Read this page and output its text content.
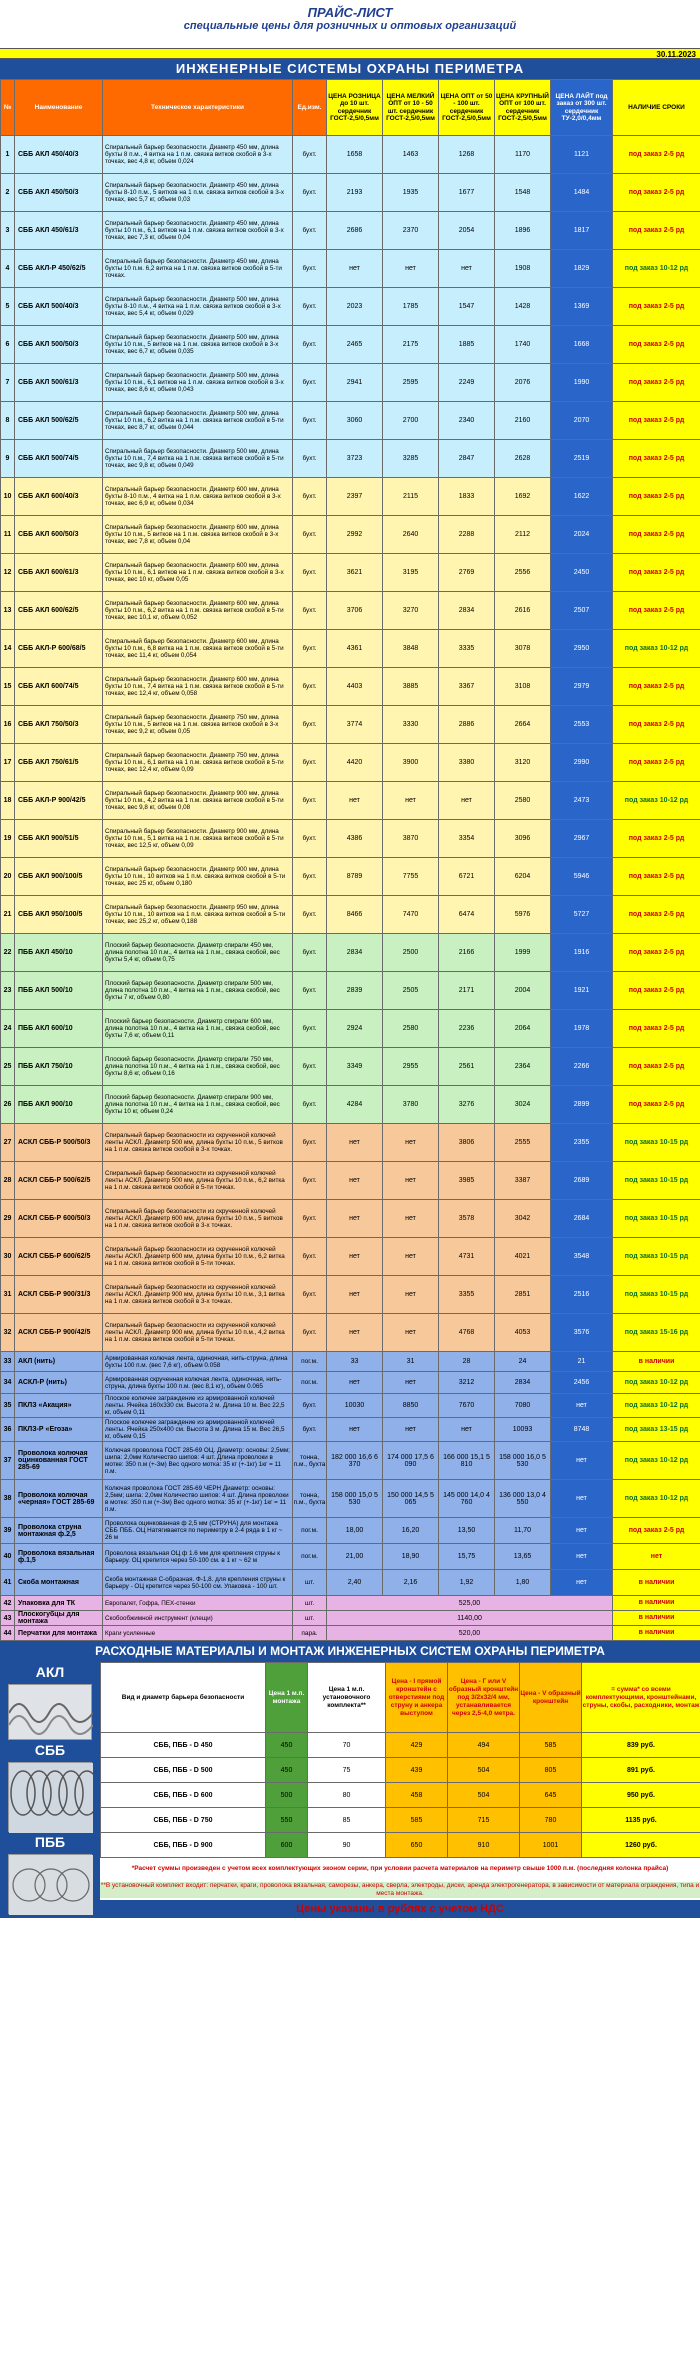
ПРАЙС-ЛИСТ
специальные цены для розничных и оптовых организаций
30.11.2023
ИНЖЕНЕРНЫЕ СИСТЕМЫ ОХРАНЫ ПЕРИМЕТРА
№	Наименование	Техническое характеристики	Ед.изм.	ЦЕНА РОЗНИЦА до 10 шт. сердечник ГОСТ-2,5/0,5мм	ЦЕНА МЕЛКИЙ ОПТ от 10 - 50 шт. сердечник ГОСТ-2,5/0,5мм	ЦЕНА ОПТ от 50 - 100 шт. сердечник ГОСТ-2,5/0,5мм	ЦЕНА КРУПНЫЙ ОПТ от 100 шт. сердечник ГОСТ-2,5/0,5мм	ЦЕНА ЛАЙТ под заказ от 300 шт. сердечник ТУ-2,0/0,4мм	НАЛИЧИЕ СРОКИ
1	СББ АКЛ 450/40/3	Спиральный барьер безопасности. Диаметр 450 мм, длина бухты 8 п.м., 4 витка на 1 п.м. связка витков скобой в 3-х точках, вес 4,8 кг, объем 0,024	бухт.	1658	1463	1268	1170	1121	под заказ 2-5 рд
2	СББ АКЛ 450/50/3	Спиральный барьер безопасности. Диаметр 450 мм, длина бухты 8-10 п.м., 5 витков на 1 п.м. связка витков скобой в 3-х точках, вес 5,7 кг, объем 0,03	бухт.	2193	1935	1677	1548	1484	под заказ 2-5 рд
3	СББ АКЛ 450/61/3	Спиральный барьер безопасности. Диаметр 450 мм, длина бухты 10 п.м., 6,1 витков на 1 п.м. связка витков скобой в 3-х точках, вес 7,3 кг, объем 0,04	бухт.	2686	2370	2054	1896	1817	под заказ 2-5 рд
4	СББ АКЛ-Р 450/62/5	Спиральный барьер безопасности. Диаметр 450 мм, длина бухты 10 п.м. 6,2 витка на 1 п.м. связка витков скобой в 5-ти точках.	бухт.	нет	нет	нет	1908	1829	под заказ 10-12 рд
5	СББ АКЛ 500/40/3	Спиральный барьер безопасности. Диаметр 500 мм, длина бухты 8-10 п.м., 4 витка на 1 п.м. связка витков скобой в 3-х точках, вес 5,4 кг, объем 0,029	бухт.	2023	1785	1547	1428	1369	под заказ 2-5 рд
6	СББ АКЛ 500/50/3	Спиральный барьер безопасности. Диаметр 500 мм, длина бухты 10 п.м., 5 витков на 1 п.м. связка витков скобой в 3-х точках, вес 6,7 кг, объем 0,035	бухт.	2465	2175	1885	1740	1668	под заказ 2-5 рд
7	СББ АКЛ 500/61/3	Спиральный барьер безопасности. Диаметр 500 мм, длина бухты 10 п.м., 6,1 витков на 1 п.м. связка витков скобой в 3-х точках, вес 8,6 кг, объем 0,043	бухт.	2941	2595	2249	2076	1990	под заказ 2-5 рд
8	СББ АКЛ 500/62/5	Спиральный барьер безопасности. Диаметр 500 мм, длина бухты 10 п.м., 6,2 витка на 1 п.м. связка витков скобой в 5-ти точках, вес 8,7 кг, объем 0,044	бухт.	3060	2700	2340	2160	2070	под заказ 2-5 рд
9	СББ АКЛ 500/74/5	Спиральный барьер безопасности. Диаметр 500 мм, длина бухты 10 п.м., 7,4 витка на 1 п.м. связка витков скобой в 5-ти точках, вес 9,8 кг, объем 0,049	бухт.	3723	3285	2847	2628	2519	под заказ 2-5 рд
10	СББ АКЛ 600/40/3	Спиральный барьер безопасности. Диаметр 600 мм, длина бухты 8-10 п.м., 4 витка на 1 п.м. связка витков скобой в 3-х точках, вес 6,9 кг, объем 0,034	бухт.	2397	2115	1833	1692	1622	под заказ 2-5 рд
11	СББ АКЛ 600/50/3	Спиральный барьер безопасности. Диаметр 600 мм, длина бухты 10 п.м., 5 витков на 1 п.м. связка витков скобой в 3-х точках, вес 7,8 кг, объем 0,04	бухт.	2992	2640	2288	2112	2024	под заказ 2-5 рд
12	СББ АКЛ 600/61/3	Спиральный барьер безопасности. Диаметр 600 мм, длина бухты 10 п.м., 6,1 витков на 1 п.м. связка витков скобой в 3-х точках, вес 10 кг, объем 0,05	бухт.	3621	3195	2769	2556	2450	под заказ 2-5 рд
13	СББ АКЛ 600/62/5	Спиральный барьер безопасности. Диаметр 600 мм, длина бухты 10 п.м., 6,2 витка на 1 п.м. связка витков скобой в 5-ти точках, вес 10,1 кг, объем 0,052	бухт.	3706	3270	2834	2616	2507	под заказ 2-5 рд
14	СББ АКЛ-Р 600/68/5	Спиральный барьер безопасности. Диаметр 600 мм, длина бухты 10 п.м., 6,8 витка на 1 п.м. связка витков скобой в 5-ти точках, вес 11,4 кг, объем 0,054	бухт.	4361	3848	3335	3078	2950	под заказ 10-12 рд
15	СББ АКЛ 600/74/5	Спиральный барьер безопасности. Диаметр 600 мм, длина бухты 10 п.м., 7,4 витка на 1 п.м. связка витков скобой в 5-ти точках, вес 12,4 кг, объем 0,058	бухт.	4403	3885	3367	3108	2979	под заказ 2-5 рд
16	СББ АКЛ 750/50/3	Спиральный барьер безопасности. Диаметр 750 мм, длина бухты 10 п.м., 5 витков на 1 п.м. связка витков скобой в 3-х точках, вес 9,2 кг, объем 0,05	бухт.	3774	3330	2886	2664	2553	под заказ 2-5 рд
17	СББ АКЛ 750/61/5	Спиральный барьер безопасности. Диаметр 750 мм, длина бухты 10 п.м., 6,1 витка на 1 п.м. связка витков скобой в 5-ти точках, вес 12,4 кг, объем 0,09	бухт.	4420	3900	3380	3120	2990	под заказ 2-5 рд
18	СББ АКЛ-Р 900/42/5	Спиральный барьер безопасности. Диаметр 900 мм, длина бухты 10 п.м., 4,2 витка на 1 п.м. связка витков скобой в 5-ти точках, вес 9,8 кг, объем 0,08	бухт.	нет	нет	нет	2580	2473	под заказ 10-12 рд
19	СББ АКЛ 900/51/5	Спиральный барьер безопасности. Диаметр 900 мм, длина бухты 10 п.м., 5,1 витка на 1 п.м. связка витков скобой в 5-ти точках, вес 12,5 кг, объем 0,09	бухт.	4386	3870	3354	3096	2967	под заказ 2-5 рд
20	СББ АКЛ 900/100/5	Спиральный барьер безопасности. Диаметр 900 мм, длина бухты 10 п.м., 10 витков на 1 п.м. связка витков скобой в 5-ти точках, вес 25 кг, объем 0,180	бухт.	8789	7755	6721	6204	5946	под заказ 2-5 рд
21	СББ АКЛ 950/100/5	Спиральный барьер безопасности. Диаметр 950 мм, длина бухты 10 п.м., 10 витков на 1 п.м. связка витков скобой в 5-ти точках, вес 25,2 кг, объем 0,188	бухт.	8466	7470	6474	5976	5727	под заказ 2-5 рд
22	ПББ АКЛ 450/10	Плоский барьер безопасности. Диаметр спирали 450 мм, длина полотна 10 п.м., 4 витка на 1 п.м., связка скобой, вес бухты 5,4 кг, объем 0,75	бухт.	2834	2500	2166	1999	1916	под заказ 2-5 рд
23	ПББ АКЛ 500/10	Плоский барьер безопасности. Диаметр спирали 500 мм, длина полотна 10 п.м., 4 витка на 1 п.м., связка скобой, вес бухты 7 кг, объем 0,80	бухт.	2839	2505	2171	2004	1921	под заказ 2-5 рд
24	ПББ АКЛ 600/10	Плоский барьер безопасности. Диаметр спирали 600 мм, длина полотна 10 п.м., 4 витка на 1 п.м., связка скобой, вес бухты 7,6 кг, объем 0,11	бухт.	2924	2580	2236	2064	1978	под заказ 2-5 рд
25	ПББ АКЛ 750/10	Плоский барьер безопасности. Диаметр спирали 750 мм, длина полотна 10 п.м., 4 витка на 1 п.м., связка скобой, вес бухты 8,6 кг, объем 0,16	бухт.	3349	2955	2561	2364	2266	под заказ 2-5 рд
26	ПББ АКЛ 900/10	Плоский барьер безопасности. Диаметр спирали 900 мм, длина полотна 10 п.м., 4 витка на 1 п.м., связка скобой, вес бухты 10 кг, объем 0,24	бухт.	4284	3780	3276	3024	2899	под заказ 2-5 рд
27	АСКЛ СББ-Р 500/50/3	Спиральный барьер безопасности из скрученной колючей ленты АСКЛ. Диаметр 500 мм, длина бухты 10 п.м., 5 витков на 1 п.м. связка витков скобой в 3-х точках.	бухт.	нет	нет	3806	2555	2355	под заказ 10-15 рд
28	АСКЛ СББ-Р 500/62/5	Спиральный барьер безопасности из скрученной колючей ленты АСКЛ. Диаметр 500 мм, длина бухты 10 п.м., 6,2 витка на 1 п.м. связка витков скобой в 5-ти точках.	бухт.	нет	нет	3985	3387	2689	под заказ 10-15 рд
29	АСКЛ СББ-Р 600/50/3	Спиральный барьер безопасности из скрученной колючей ленты АСКЛ. Диаметр 600 мм, длина бухты 10 п.м., 5 витков на 1 п.м. связка витков скобой в 3-х точках.	бухт.	нет	нет	3578	3042	2684	под заказ 10-15 рд
30	АСКЛ СББ-Р 600/62/5	Спиральный барьер безопасности из скрученной колючей ленты АСКЛ. Диаметр 600 мм, длина бухты 10 п.м., 6,2 витка на 1 п.м. связка витков скобой в 5-ти точках.	бухт.	нет	нет	4731	4021	3548	под заказ 10-15 рд
31	АСКЛ СББ-Р 900/31/3	Спиральный барьер безопасности из скрученной колючей ленты АСКЛ. Диаметр 900 мм, длина бухты 10 п.м., 3,1 витка на 1 п.м. связка витков скобой в 3-х точках.	бухт.	нет	нет	3355	2851	2516	под заказ 10-15 рд
32	АСКЛ СББ-Р 900/42/5	Спиральный барьер безопасности из скрученной колючей ленты АСКЛ. Диаметр 900 мм, длина бухты 10 п.м., 4,2 витка на 1 п.м. связка витков скобой в 5-ти точках.	бухт.	нет	нет	4768	4053	3576	под заказ 15-16 рд
33	АКЛ (нить)	Армированная колючая лента, одиночная, нить-струна, длина бухты 100 п.м. (вес 7,6 кг), объем 0.058	пог.м.	33	31	28	24	21	в наличии
34	АСКЛ-Р (нить)	Армированная скрученная колючая лента, одиночная, нить-струна, длина бухты 100 п.м. (вес 8,1 кг), объем 0.065	пог.м.	нет	нет	3212	2834	2456	под заказ 10-12 рд
35	ПКЛЗ «Акация»	Плоское колючее заграждение из армированной колючей ленты. Ячейка 160х330 см. Высота 2 м. Длина 10 м. Вес 22,5 кг, объем 0,11	бухт.	10030	8850	7670	7080	нет	под заказ 10-12 рд
36	ПКЛЗ-Р «Егоза»	Плоское колючее заграждение из армированной колючей ленты. Ячейка 250х400 см. Высота 3 м. Длина 15 м. Вес 26,5 кг, объем 0,15	бухт.	нет	нет	нет	10093	8748	под заказ 13-15 рд
37	Проволока колючая оцинкованная ГОСТ 285-69	Колючая проволока ГОСТ 285-69 ОЦ. Диаметр: основы: 2,5мм; шипа: 2,0мм Количество шипов: 4 шт. Длина проволоки в мотке: 350 п.м (+-3м) Вес одного мотка: 35 кг (+-1кг) 1кг = 11 п.м.	тонна, п.м., бухта	182 000 16,6 6 370	174 000 17,5 6 090	166 000 15,1 5 810	158 000 16,0 5 530	нет	под заказ 10-12 рд
38	Проволока колючая «черная» ГОСТ 285-69	Колючая проволока ГОСТ 285-69 ЧЕРН Диаметр: основы: 2,5мм; шипа: 2,0мм Количество шипов: 4 шт. Длина проволоки в мотке: 350 п.м (+-3м) Вес одного мотка: 35 кг (+-1кг) 1кг = 11 п.м.	тонна, п.м., бухта	158 000 15,0 5 530	150 000 14,5 5 065	145 000 14,0 4 760	136 000 13,0 4 550	нет	под заказ 10-12 рд
39	Проволока струна монтажная ф.2,5	Проволока оцинкованная ф 2,5 мм (СТРУНА) для монтажа СББ ПББ. ОЦ Натягивается по периметру в 2-4 ряда в 1 кг ~ 26 м	пог.м.	18,00	16,20	13,50	11,70	нет	под заказ 2-5 рд
40	Проволока вязальная ф.1,5	Проволока вязальная ОЦ ф 1.6 мм для крепления струны к барьеру. ОЦ крепится через 50-100 см. в 1 кг ~ 62 м	пог.м.	21,00	18,90	15,75	13,65	нет	нет
41	Скоба монтажная	Скоба монтажная С-образная. Ф-1,8. для крепления струны к барьеру - ОЦ крепится через 50-100 см. Упаковка - 100 шт.	шт.	2,40	2,16	1,92	1,80	нет	в наличии
42	Упаковка для ТК	Европалет, Гофра, ПЕХ-стенки	шт.	525,00					в наличии
43	Плоскогубцы для монтажа	Скобообжимной инструмент (клещи)	шт.	1140,00					в наличии
44	Перчатки для монтажа	Краги усиленные	пара.	520,00					в наличии
РАСХОДНЫЕ МАТЕРИАЛЫ И МОНТАЖ ИНЖЕНЕРНЫХ СИСТЕМ ОХРАНЫ ПЕРИМЕТРА
АКЛ
СББ
ПББ
Вид и диаметр барьера безопасности	Цена 1 м.п. монтажа	Цена 1 м.п. установочного комплекта**	Цена - I прямой кронштейн с отверстиями под струну и анкера выступом	Цена - Г или V образный кронштейн под 3/2х32/4 мм, устанавливается через 2,5-4,0 метра.	Цена - V образный кронштейн	= сумма* со всеми комплектующими, кронштейнами, струны, скобы, расходники, монтаж
СББ, ПББ - D 450	450	70	429	494	585	839 руб.
СББ, ПББ - D 500	450	75	439	504	805	891 руб.
СББ, ПББ - D 600	500	80	458	504	645	950 руб.
СББ, ПББ - D 750	550	85	585	715	780	1135 руб.
СББ, ПББ - D 900	600	90	650	910	1001	1260 руб.
*Расчет суммы произведен с учетом всех комплектующих эконом серии, при условии расчета материалов на периметр свыше 1000 п.м. (последняя колонка прайса)
**В установочный комплект входит: перчатки, краги, проволока вязальная, саморезы, анкера, сверла, электроды, диски, аренда электрогенератора, в зависимости от материала ограждения, типа и места монтажа.
Цены указаны в рублях с учетом НДС
